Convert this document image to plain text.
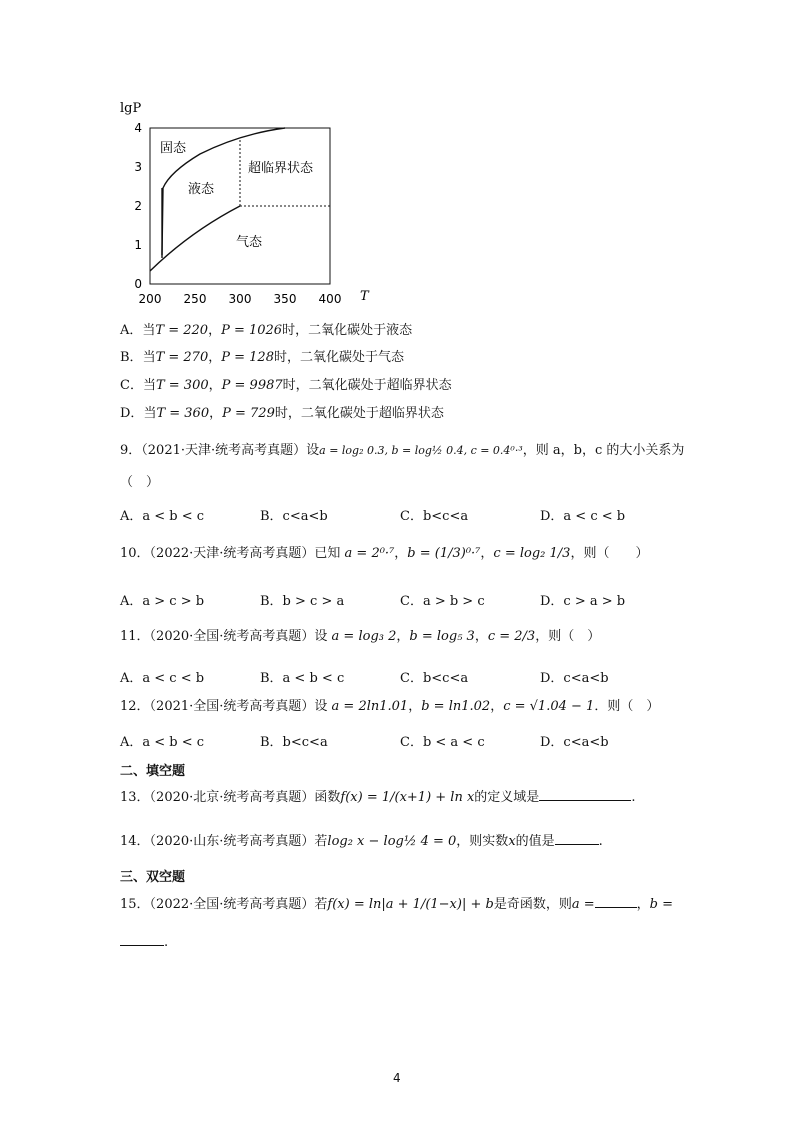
lgP
T
0
1
2
3
4
200 250 300 350 400
固态
液态
超临界状态
气态
A．当T = 220，P = 1026时，二氧化碳处于液态
B．当T = 270，P = 128时，二氧化碳处于气态
C．当T = 300，P = 9987时，二氧化碳处于超临界状态
D．当T = 360，P = 729时，二氧化碳处于超临界状态
9．（2021·天津·统考高考真题）设a = log₂ 0.3, b = log½ 0.4, c = 0.4⁰·³，则 a，b，c 的大小关系为
（　）
A．a < b < c	B．c<a<b	C．b<c<a	D．a < c < b
10．（2022·天津·统考高考真题）已知 a = 2⁰·⁷，b = (1/3)⁰·⁷，c = log₂ 1/3，则（　　）
A．a > c > b	B．b > c > a	C．a > b > c	D．c > a > b
11．（2020·全国·统考高考真题）设 a = log₃ 2，b = log₅ 3，c = 2/3，则（　）
A．a < c < b	B．a < b < c	C．b<c<a	D．c<a<b
12．（2021·全国·统考高考真题）设 a = 2ln1.01，b = ln1.02，c = √1.04 − 1．则（　）
A．a < b < c	B．b<c<a	C．b < a < c	D．c<a<b
二、填空题
13．（2020·北京·统考高考真题）函数f(x) = 1/(x+1) + ln x的定义域是	.
14．（2020·山东·统考高考真题）若log₂ x − log½ 4 = 0，则实数x的值是	.
三、双空题
15．（2022·全国·统考高考真题）若f(x) = ln|a + 1/(1−x)| + b是奇函数，则a =	，b =
.
4
